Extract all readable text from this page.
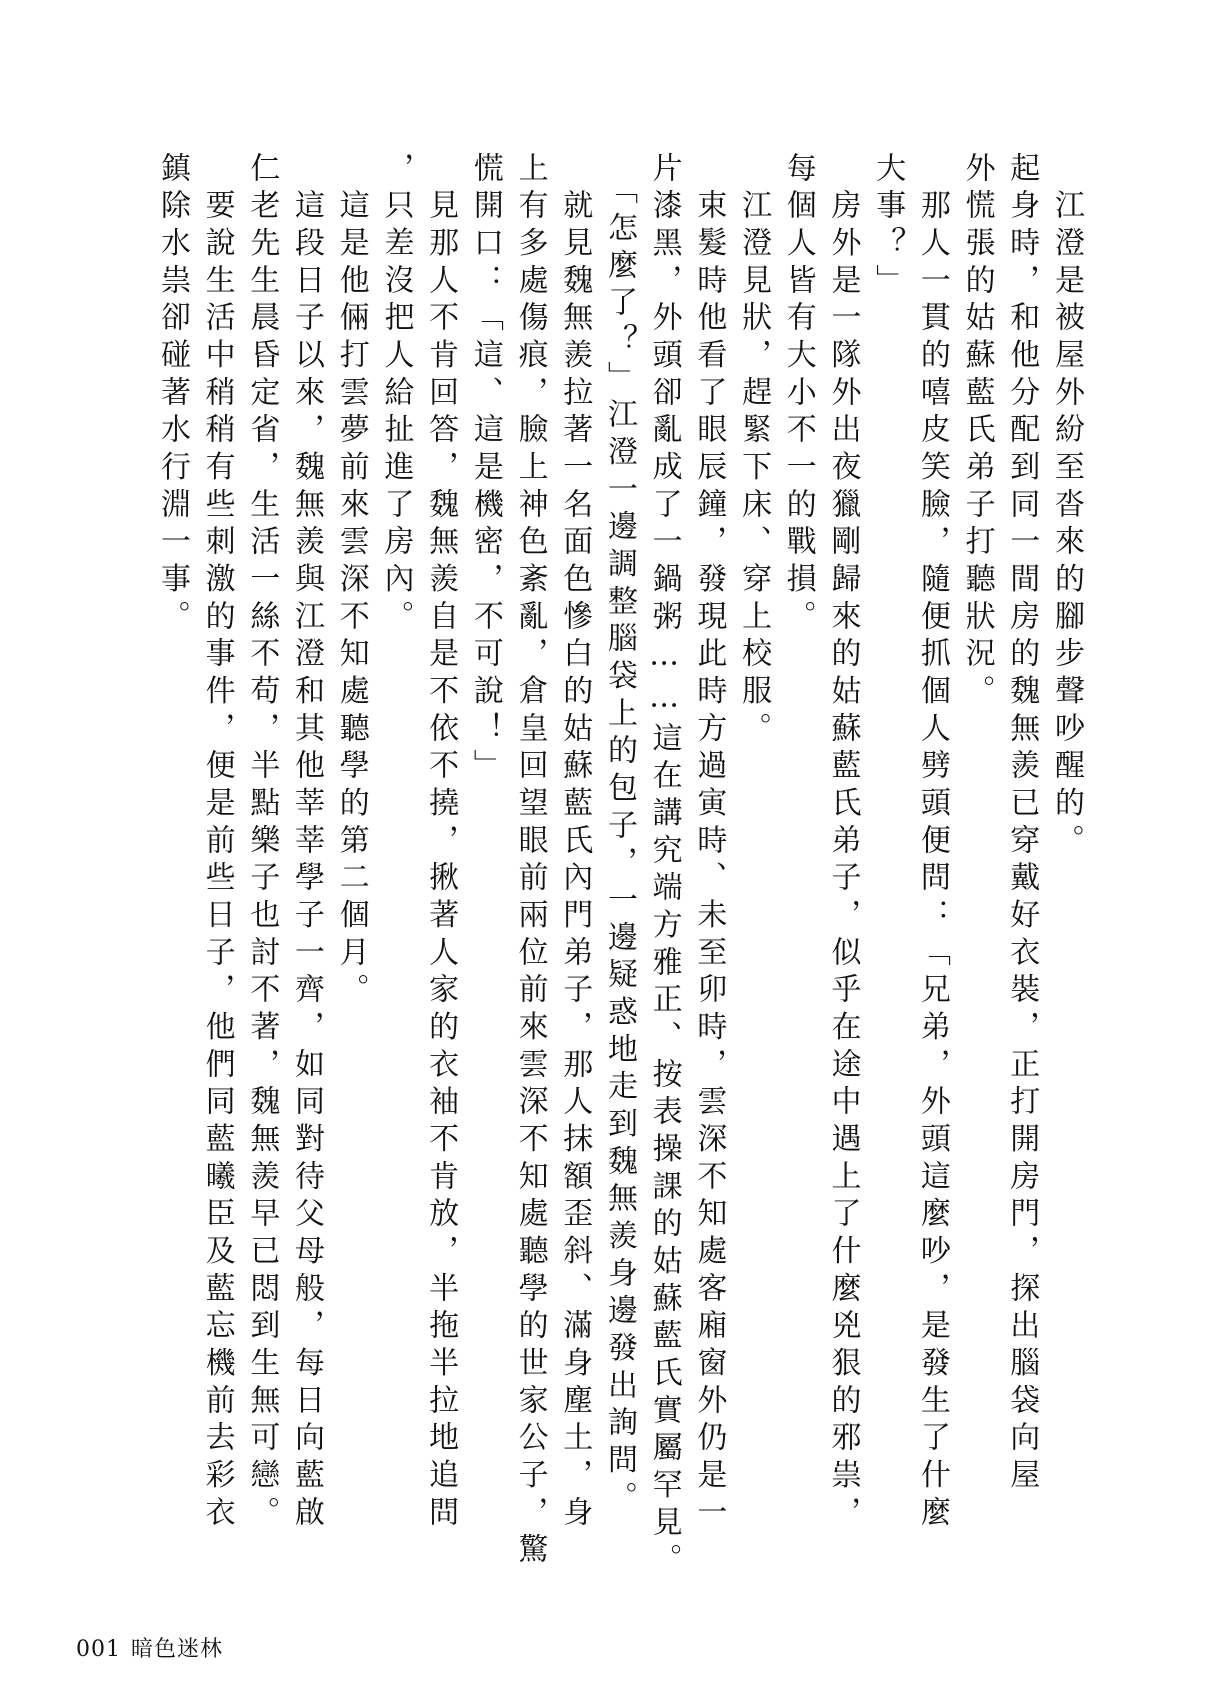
　江澄是被屋外紛至沓來的腳步聲吵醒的。

起身時，和他分配到同一間房的魏無羨已穿戴好衣裝，正打開房門，探出腦袋向屋

外慌張的姑蘇藍氏弟子打聽狀況。

　那人一貫的嘻皮笑臉，隨便抓個人劈頭便問：「兄弟，外頭這麼吵，是發生了什麼

大事？」

　房外是一隊外出夜獵剛歸來的姑蘇藍氏弟子，似乎在途中遇上了什麼兇狠的邪祟，

每個人皆有大小不一的戰損。

　江澄見狀，趕緊下床、穿上校服。

　束髮時他看了眼辰鐘，發現此時方過寅時、未至卯時，雲深不知處客廂窗外仍是一

片漆黑，外頭卻亂成了一鍋粥……這在講究端方雅正、按表操課的姑蘇藍氏實屬罕見。

　「怎麼了？」江澄一邊調整腦袋上的包子，一邊疑惑地走到魏無羨身邊發出詢問。

　就見魏無羨拉著一名面色慘白的姑蘇藍氏內門弟子，那人抹額歪斜、滿身塵土，身

上有多處傷痕，臉上神色紊亂，倉皇回望眼前兩位前來雲深不知處聽學的世家公子，驚

慌開口：「這、這是機密，不可說！」

　見那人不肯回答，魏無羨自是不依不撓，揪著人家的衣袖不肯放，半拖半拉地追問

，只差沒把人給扯進了房內。

　這是他倆打雲夢前來雲深不知處聽學的第二個月。

　這段日子以來，魏無羨與江澄和其他莘莘學子一齊，如同對待父母般，每日向藍啟

仁老先生晨昏定省，生活一絲不苟，半點樂子也討不著，魏無羨早已悶到生無可戀。

　要說生活中稍稍有些刺激的事件，便是前些日子，他們同藍曦臣及藍忘機前去彩衣

鎮除水祟卻碰著水行淵一事。

001 暗色迷林
